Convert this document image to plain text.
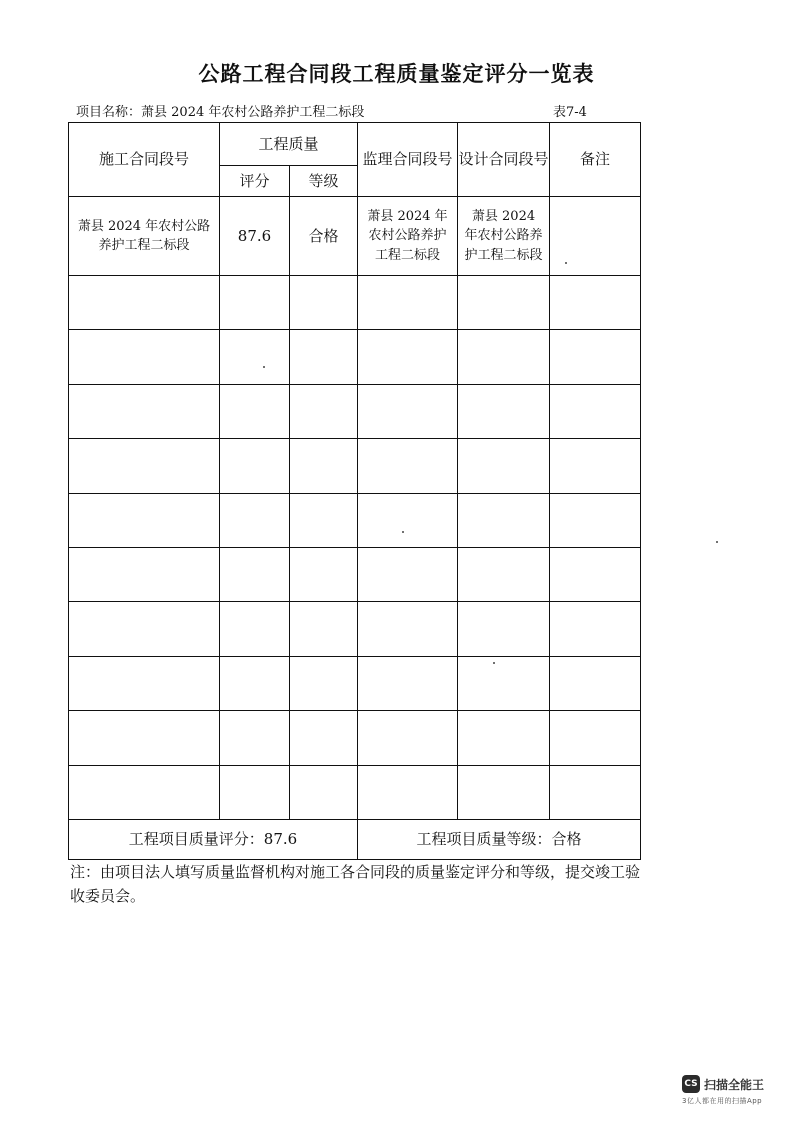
公路工程合同段工程质量鉴定评分一览表
项目名称：萧县 2024 年农村公路养护工程二标段	表7-4
施工合同段号	工程质量		监理合同段号	设计合同段号	备注
	评分	等级			
萧县 2024 年农村公路养护工程二标段	87.6	合格	萧县 2024 年农村公路养护工程二标段	萧县 2024 年农村公路养护工程二标段	

工程项目质量评分：87.6			工程项目质量等级：合格		
注：由项目法人填写质量监督机构对施工各合同段的质量鉴定评分和等级，提交竣工验收委员会。
CS 扫描全能王
3亿人都在用的扫描App
